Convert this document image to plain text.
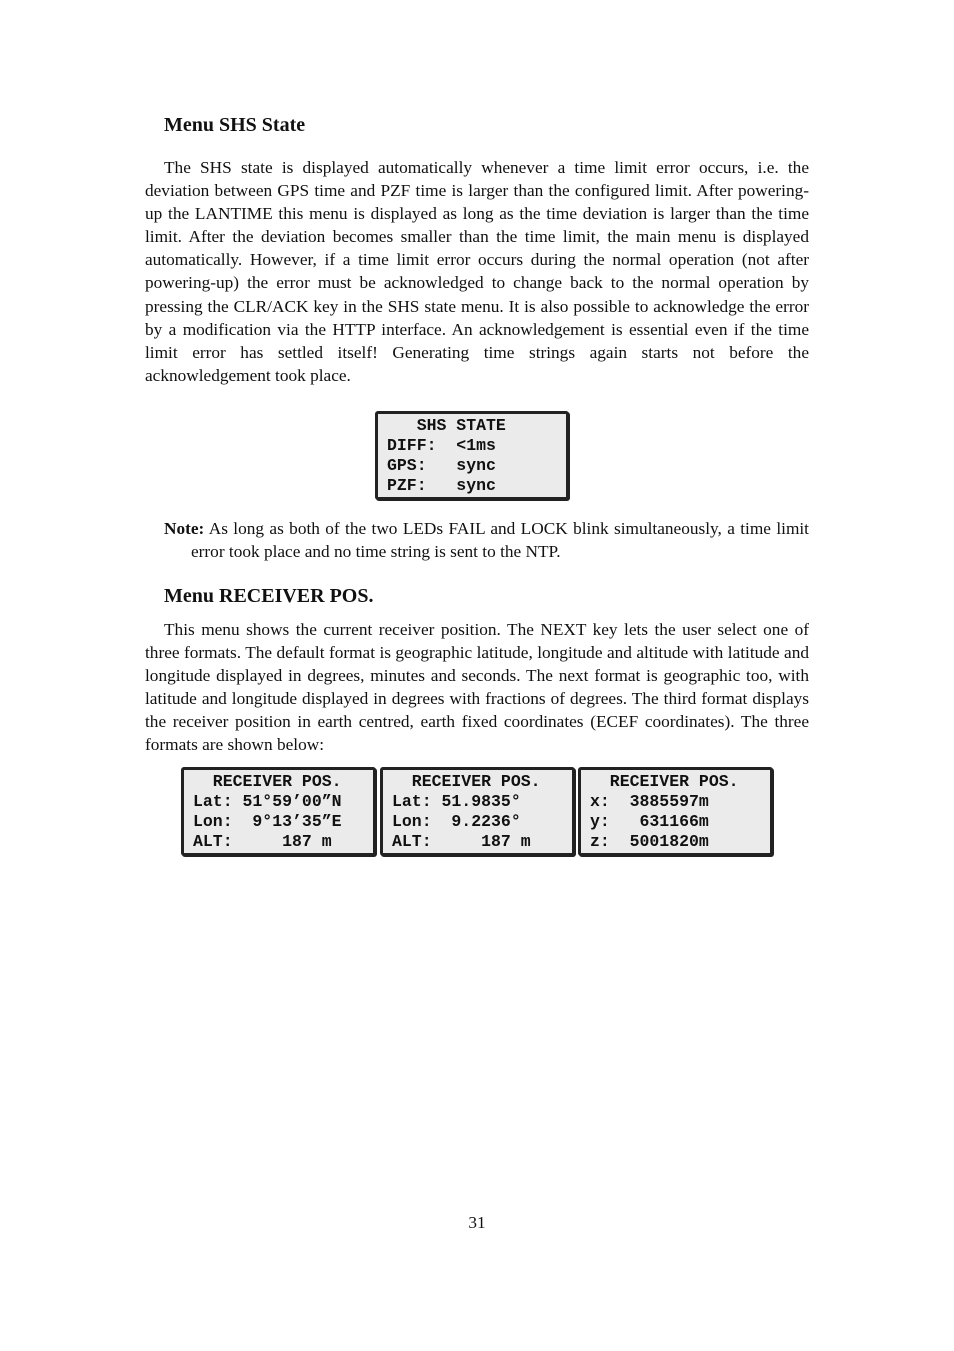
Menu SHS State

The SHS state is displayed automatically whenever a time limit error occurs, i.e. the deviation between GPS time and PZF time is larger than the configured limit. After powering-up the LANTIME this menu is displayed as long as the time deviation is larger than the time limit. After the deviation becomes smaller than the time limit, the main menu is displayed automatically. However, if a time limit error occurs during the normal operation (not after powering-up) the error must be acknowledged to change back to the normal operation by pressing the CLR/ACK key in the SHS state menu. It is also possible to acknowledge the error by a modification via the HTTP interface. An acknowledgement is essential even if the time limit error has settled itself! Generating time strings again starts not before the acknowledgement took place.

SHS STATE
DIFF:  <1ms
GPS:   sync
PZF:   sync

Note: As long as both of the two LEDs FAIL and LOCK blink simultaneously, a time limit error took place and no time string is sent to the NTP.

Menu RECEIVER POS.

This menu shows the current receiver position. The NEXT key lets the user select one of three formats. The default format is geographic latitude, longitude and altitude with latitude and longitude displayed in degrees, minutes and seconds. The next format is geographic too, with latitude and longitude displayed in degrees with fractions of degrees. The third format displays the receiver position in earth centred, earth fixed coordinates (ECEF coordinates). The three formats are shown below:

RECEIVER POS.
Lat: 51°59’00”N
Lon:  9°13’35”E
ALT:     187 m
RECEIVER POS.
Lat: 51.9835°
Lon:  9.2236°
ALT:     187 m
RECEIVER POS.
x:  3885597m
y:   631166m
z:  5001820m
31
